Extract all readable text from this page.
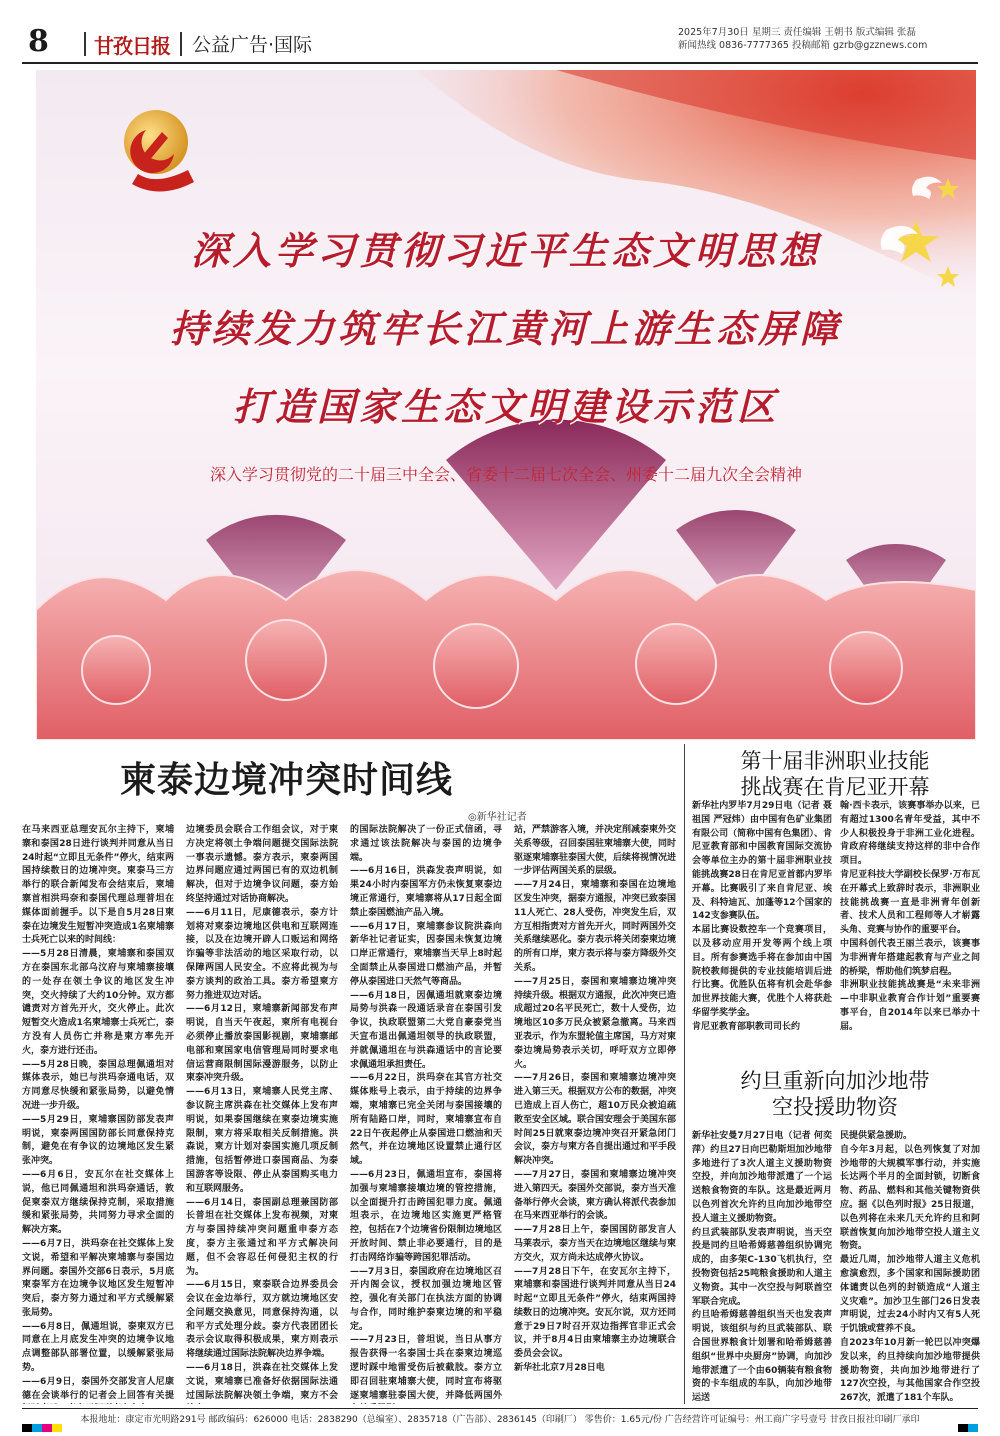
8 甘孜日报 公益广告·国际
2025年7月30日 星期三 责任编辑 王朝书 版式编辑 张磊
新闻热线 0836-7777365 投稿邮箱 gzrb@gzznews.com
深入学习贯彻习近平生态文明思想
持续发力筑牢长江黄河上游生态屏障
打造国家生态文明建设示范区
深入学习贯彻党的二十届三中全会、省委十二届七次全会、州委十二届九次全会精神
柬泰边境冲突时间线
◎新华社记者
在马来西亚总理安瓦尔主持下，柬埔寨和泰国28日进行谈判并同意从当日24时起“立即且无条件”停火，结束两国持续数日的边境冲突。柬泰马三方举行的联合新闻发布会结束后，柬埔寨首相洪玛奈和泰国代理总理普坦在媒体面前握手。以下是自5月28日柬泰在边境发生短暂冲突造成1名柬埔寨士兵死亡以来的时间线：
——5月28日清晨，柬埔寨和泰国双方在泰国东北部乌汶府与柬埔寨接壤的一处存在领土争议的地区发生冲突，交火持续了大约10分钟。双方都谴责对方首先开火，交火停止。此次短暂交火造成1名柬埔寨士兵死亡，泰方没有人员伤亡并称是柬方率先开火，泰方进行还击。
——5月28日晚，泰国总理佩通坦对媒体表示，她已与洪玛奈通电话，双方同意尽快缓和紧张局势，以避免情况进一步升级。
——5月29日，柬埔寨国防部发表声明说，柬泰两国国防部长同意保持克制，避免在有争议的边境地区发生紧张冲突。
——6月6日，安瓦尔在社交媒体上说，他已同佩通坦和洪玛奈通话，敦促柬泰双方继续保持克制，采取措施缓和紧张局势，共同努力寻求全面的解决方案。
——6月7日，洪玛奈在社交媒体上发文说，希望和平解决柬埔寨与泰国边界问题。泰国外交部6日表示，5月底柬泰军方在边境争议地区发生短暂冲突后，泰方努力通过和平方式缓解紧张局势。
——6月8日，佩通坦说，泰柬双方已同意在上月底发生冲突的边境争议地点调整部队部署位置，以缓解紧张局势。
——6月9日，泰国外交部发言人尼康德在会谈举行的记者会上回答有关提
边境委员会联合工作组会议，对于柬方决定将领土争端问题提交国际法院一事表示遗憾。泰方表示，柬泰两国边界问题应通过两国已有的双边机制解决，但对于边境争议问题，泰方始终坚持通过对话协商解决。
——6月11日，尼康德表示，泰方计划将对柬泰边境地区供电和互联网连接，以及在边境开辟人口贩运和网络诈骗等非法活动的地区采取行动，以保障两国人民安全。不应将此视为与泰方谈判的政治工具。泰方希望柬方努力推进双边对话。
——6月12日，柬埔寨新闻部发布声明说，自当天午夜起，柬所有电视台必须停止播放泰国影视剧，柬埔寨邮电部和柬国家电信管理局同时要求电信运营商限制国际漫游服务，以防止柬泰冲突升级。
——6月13日，柬埔寨人民党主席、参议院主席洪森在社交媒体上发布声明说，如果泰国继续在柬泰边境实施限制，柬方将采取相关反制措施。洪森说，柬方计划对泰国实施几项反制措施，包括暂停进口泰国商品、为泰国游客等设限、停止从泰国购买电力和互联网服务。
——6月14日，泰国副总理兼国防部长普坦在社交媒体上发布视频，对柬方与泰国持续冲突问题重申泰方态度，泰方主张通过和平方式解决问题，但不会容忍任何侵犯主权的行为。
——6月15日，柬泰联合边界委员会会议在金边举行，双方就边境地区安全问题交换意见，同意保持沟通，以和平方式处理分歧。泰方代表团团长表示会议取得积极成果，柬方则表示将继续通过国际法院解决边界争端。
——6月18日，洪森在社交媒体上发文说，柬埔寨已准备好依据国际法通过国际法院解决领土争端，柬方不会

的国际法院解决了一份正式信函，寻求通过该法院解决与泰国的边境争端。
——6月16日，洪森发表声明说，如果24小时内泰国军方仍未恢复柬泰边境正常通行，柬埔寨将从17日起全面禁止泰国燃油产品入境。
——6月17日，柬埔寨参议院洪森向新华社记者证实，因泰国未恢复边境口岸正常通行，柬埔寨当天早上8时起全面禁止从泰国进口燃油产品，并暂停从泰国进口天然气等商品。
——6月18日，因佩通坦就柬泰边境局势与洪森一段通话录音在泰国引发争议，执政联盟第二大党自豪泰党当天宣布退出佩通坦领导的执政联盟，并就佩通坦在与洪森通话中的言论要求佩通坦承担责任。
——6月22日，洪玛奈在其官方社交媒体账号上表示，由于持续的边界争端，柬埔寨已完全关闭与泰国接壤的所有陆路口岸，同时，柬埔寨宣布自22日午夜起停止从泰国进口燃油和天然气，并在边境地区设置禁止通行区域。
——6月23日，佩通坦宣布，泰国将加强与柬埔寨接壤边境的管控措施，以全面提升打击跨国犯罪力度。佩通坦表示，在边境地区实施更严格管控，包括在7个边境省份限制边境地区开放时间、禁止非必要通行，目的是打击网络诈骗等跨国犯罪活动。
——7月3日，泰国政府在边境地区召开内阁会议，授权加强边境地区管控，强化有关部门在执法方面的协调与合作，同时维护泰柬边境的和平稳定。
——7月23日，普坦说，当日从事方报告获得一名泰国士兵在泰柬边境巡逻时踩中地雷受伤后被截肢。泰方立即召回驻柬埔寨大使，同时宣布将驱逐柬埔寨驻泰国大使，并降低两国外
站，严禁游客入境，并决定削减泰柬外交关系等级，召回泰国驻柬埔寨大使，同时驱逐柬埔寨驻泰国大使，后续将视情况进一步评估两国关系的层级。
——7月24日，柬埔寨和泰国在边境地区发生冲突，据泰方通报，冲突已致泰国11人死亡、28人受伤，冲突发生后，双方互相指责对方首先开火，同时两国外交关系继续恶化。泰方表示将关闭泰柬边境的所有口岸，柬方表示将与泰方降级外交关系。
——7月25日，泰国和柬埔寨边境冲突持续升级。根据双方通报，此次冲突已造成超过20名平民死亡，数十人受伤，边境地区10多万民众被紧急撤离。马来西亚表示，作为东盟轮值主席国，马方对柬泰边境局势表示关切，呼吁双方立即停火。
——7月26日，泰国和柬埔寨边境冲突进入第三天。根据双方公布的数据，冲突已造成上百人伤亡，超10万民众被迫疏散至安全区域。联合国安理会于美国东部时间25日就柬泰边境冲突召开紧急闭门会议，泰方与柬方各自提出通过和平手段解决冲突。
——7月27日，泰国和柬埔寨边境冲突进入第四天。泰国外交部说，泰方当天准备举行停火会谈，柬方确认将派代表参加在马来西亚举行的会谈。
——7月28日上午，泰国国防部发言人马莱表示，泰方当天在边境地区继续与柬方交火，双方尚未达成停火协议。
——7月28日下午，在安瓦尔主持下，柬埔寨和泰国进行谈判并同意从当日24时起“立即且无条件”停火，结束两国持续数日的边境冲突。安瓦尔说，双方还同意于29日7时召开双边指挥官非正式会议，并于8月4日由柬埔寨主办边境联合委员会会议。
新华社北京7月28日电
第十届非洲职业技能
挑战赛在肯尼亚开幕
新华社内罗毕7月29日电（记者 聂祖国 严冠炜）由中国有色矿业集团有限公司（简称中国有色集团）、肯尼亚教育部和中国教育国际交流协会等单位主办的第十届非洲职业技能挑战赛28日在肯尼亚首都内罗毕开幕。比赛吸引了来自肯尼亚、埃及、科特迪瓦、加蓬等12个国家的142支参赛队伍。
本届比赛设数控车一个竞赛项目，以及移动应用开发等两个线上项目。所有参赛选手将在参加由中国院校教师提供的专业技能培训后进行比赛。优胜队伍将有机会赴华参加世界技能大赛，优胜个人将获赴华留学奖学金。
肯尼亚教育部职教司司长约
翰·西卡表示，该赛事举办以来，已有超过1300名青年受益，其中不少人积极投身于非洲工业化进程。肯政府将继续支持这样的非中合作项目。
肯尼亚科技大学副校长保罗·万布瓦在开幕式上致辞时表示，非洲职业技能挑战赛一直是非洲青年创新者、技术人员和工程师等人才崭露头角、竞赛与协作的重要平台。
中国科创代表王丽兰表示，该赛事为非洲青年搭建起教育与产业之间的桥梁，帮助他们筑梦启程。
非洲职业技能挑战赛是“未来非洲—中非职业教育合作计划”重要赛事平台，自2014年以来已举办十届。
约旦重新向加沙地带
空投援助物资
新华社安曼7月27日电（记者 何奕萍）约旦27日向巴勒斯坦加沙地带多地进行了3次人道主义援助物资空投，并向加沙地带派遣了一个运送粮食物资的车队。这是最近两月以色列首次允许约旦向加沙地带空投人道主义援助物资。
约旦武装部队发表声明说，当天空投是同约旦哈希姆慈善组织协调完成的，由多架C-130飞机执行，空投物资包括25吨粮食援助和人道主义物资。其中一次空投与阿联酋空军联合完成。
约旦哈希姆慈善组织当天也发表声明说，该组织与约旦武装部队、联合国世界粮食计划署和哈希姆慈善组织“世界中央厨房”协调，向加沙地带派遣了一个由60辆装有粮食物资的卡车组成的车队，向加沙地带运送
民提供紧急援助。
自今年3月起，以色列恢复了对加沙地带的大规模军事行动，并实施长达两个半月的全面封锁，切断食物、药品、燃料和其他关键物资供应。据《以色列时报》25日报道，以色列将在未来几天允许约旦和阿联酋恢复向加沙地带空投人道主义物资。
最近几周，加沙地带人道主义危机愈演愈烈，多个国家和国际援助团体谴责以色列的封锁造成“人道主义灾难”。加沙卫生部门26日发表声明说，过去24小时内又有5人死于饥饿或营养不良。
自2023年10月新一轮巴以冲突爆发以来，约旦持续向加沙地带提供援助物资，共向加沙地带进行了127次空投，与其他国家合作空投267次，派遣了181个车队。
本报地址：康定市光明路291号 邮政编码：626000 电话：2838290（总编室）、2835718（广告部）、2836145（印刷厂） 零售价：1.65元/份 广告经营许可证编号：州工商广字号壹号 甘孜日报社印刷厂承印
